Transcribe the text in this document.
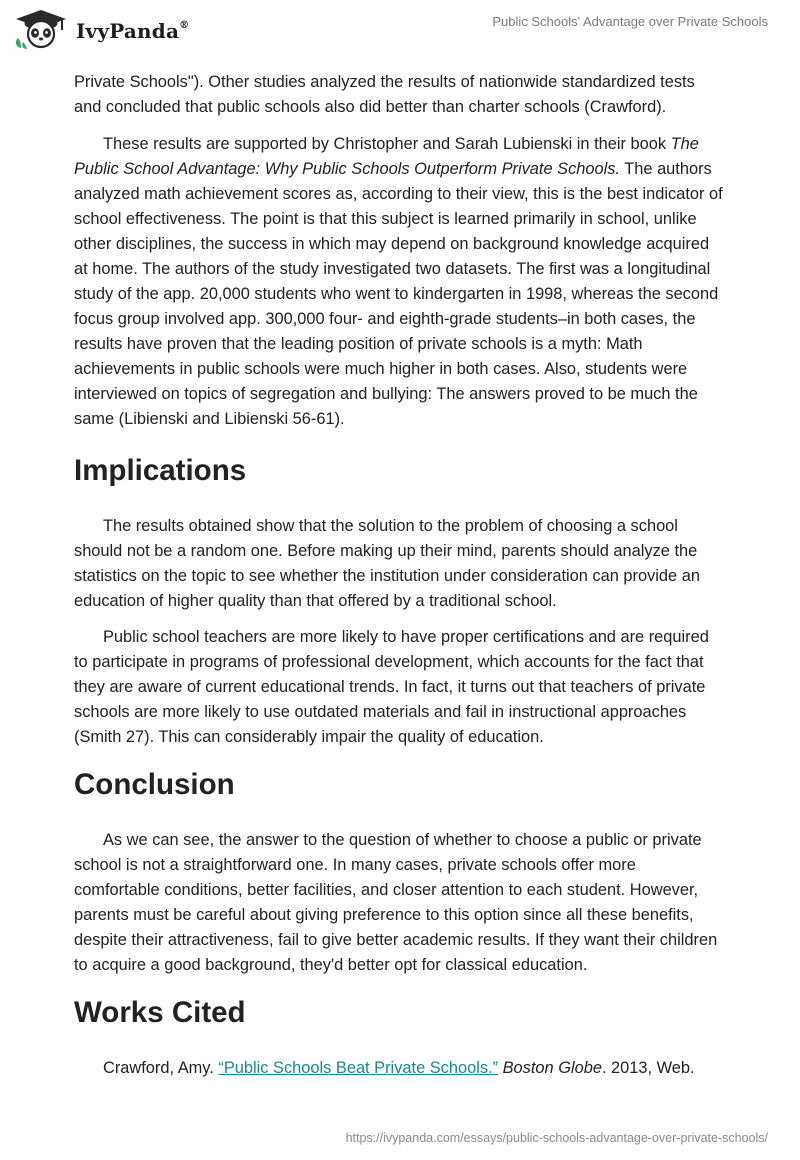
IvyPanda®	Public Schools' Advantage over Private Schools

Private Schools"). Other studies analyzed the results of nationwide standardized tests and concluded that public schools also did better than charter schools (Crawford).

These results are supported by Christopher and Sarah Lubienski in their book The Public School Advantage: Why Public Schools Outperform Private Schools. The authors analyzed math achievement scores as, according to their view, this is the best indicator of school effectiveness. The point is that this subject is learned primarily in school, unlike other disciplines, the success in which may depend on background knowledge acquired at home. The authors of the study investigated two datasets. The first was a longitudinal study of the app. 20,000 students who went to kindergarten in 1998, whereas the second focus group involved app. 300,000 four- and eighth-grade students–in both cases, the results have proven that the leading position of private schools is a myth: Math achievements in public schools were much higher in both cases. Also, students were interviewed on topics of segregation and bullying: The answers proved to be much the same (Libienski and Libienski 56-61).

Implications

The results obtained show that the solution to the problem of choosing a school should not be a random one. Before making up their mind, parents should analyze the statistics on the topic to see whether the institution under consideration can provide an education of higher quality than that offered by a traditional school.

Public school teachers are more likely to have proper certifications and are required to participate in programs of professional development, which accounts for the fact that they are aware of current educational trends. In fact, it turns out that teachers of private schools are more likely to use outdated materials and fail in instructional approaches (Smith 27). This can considerably impair the quality of education.

Conclusion

As we can see, the answer to the question of whether to choose a public or private school is not a straightforward one. In many cases, private schools offer more comfortable conditions, better facilities, and closer attention to each student. However, parents must be careful about giving preference to this option since all these benefits, despite their attractiveness, fail to give better academic results. If they want their children to acquire a good background, they'd better opt for classical education.

Works Cited

Crawford, Amy. “Public Schools Beat Private Schools.” Boston Globe. 2013, Web.

https://ivypanda.com/essays/public-schools-advantage-over-private-schools/
